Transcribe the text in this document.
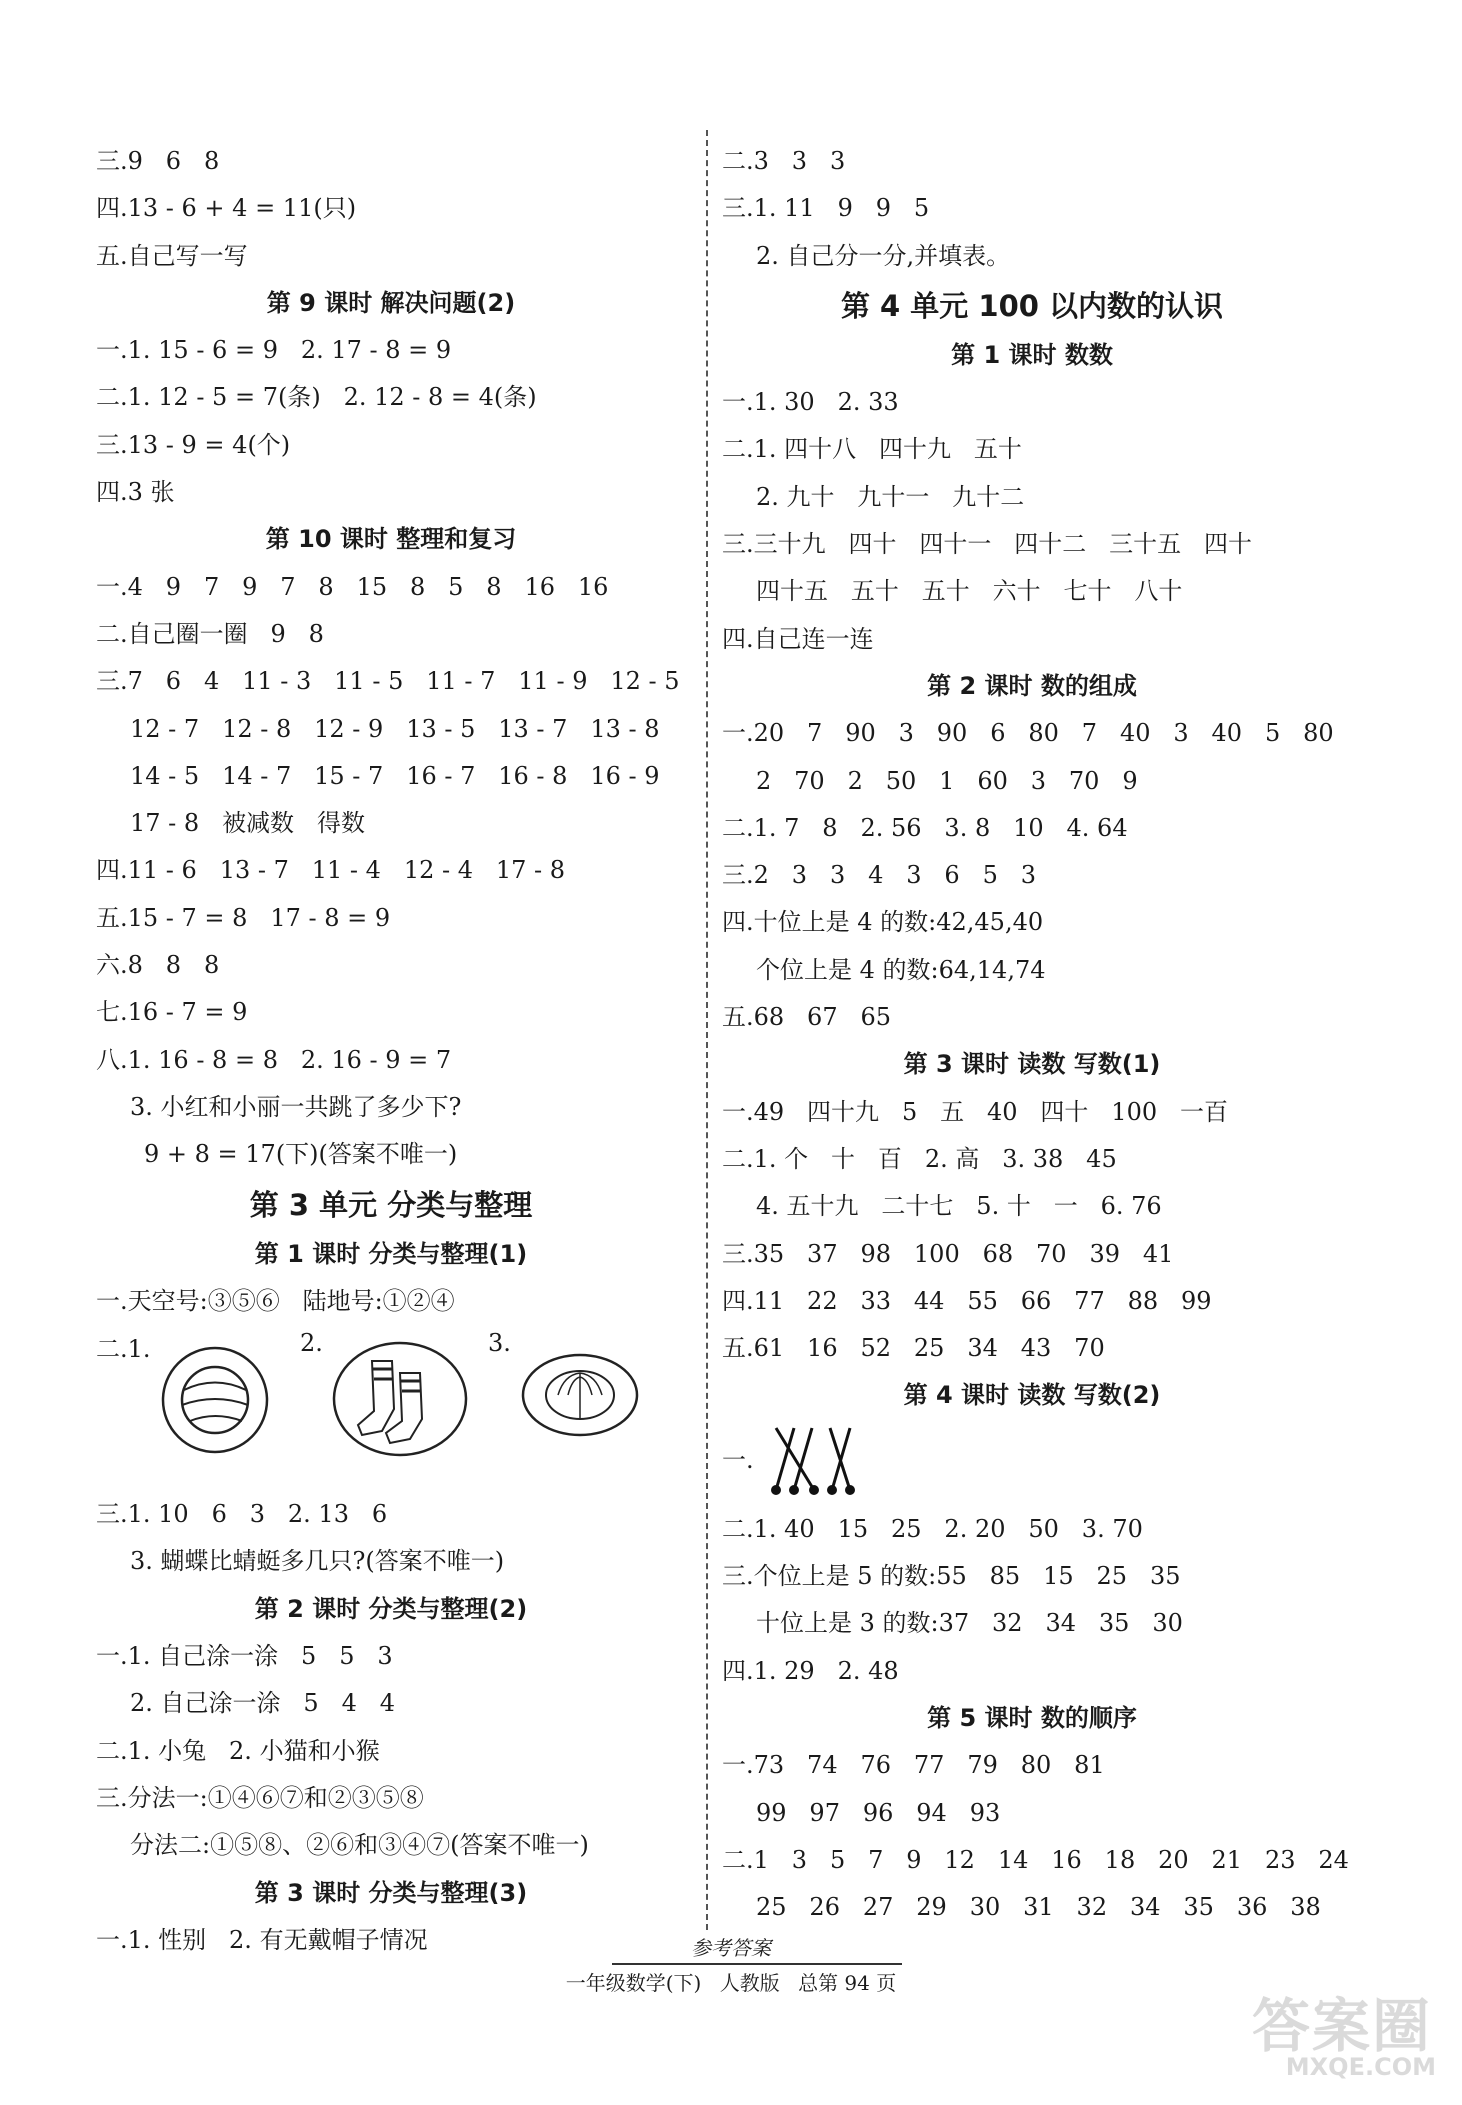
三.9   6   8
四.13 - 6 + 4 = 11(只)
五.自己写一写
第 9 课时 解决问题(2)
一.1. 15 - 6 = 9   2. 17 - 8 = 9
二.1. 12 - 5 = 7(条)   2. 12 - 8 = 4(条)
三.13 - 9 = 4(个)
四.3 张
第 10 课时 整理和复习
一.4   9   7   9   7   8   15   8   5   8   16   16
二.自己圈一圈   9   8
三.7   6   4   11 - 3   11 - 5   11 - 7   11 - 9   12 - 5
12 - 7   12 - 8   12 - 9   13 - 5   13 - 7   13 - 8
14 - 5   14 - 7   15 - 7   16 - 7   16 - 8   16 - 9
17 - 8   被减数   得数
四.11 - 6   13 - 7   11 - 4   12 - 4   17 - 8
五.15 - 7 = 8   17 - 8 = 9
六.8   8   8
七.16 - 7 = 9
八.1. 16 - 8 = 8   2. 16 - 9 = 7
3. 小红和小丽一共跳了多少下?
9 + 8 = 17(下)(答案不唯一)
第 3 单元 分类与整理
第 1 课时 分类与整理(1)
一.天空号:③⑤⑥   陆地号:①②④
二.1.	2.	3.
三.1. 10   6   3   2. 13   6
3. 蝴蝶比蜻蜓多几只?(答案不唯一)
第 2 课时 分类与整理(2)
一.1. 自己涂一涂   5   5   3
2. 自己涂一涂   5   4   4
二.1. 小兔   2. 小猫和小猴
三.分法一:①④⑥⑦和②③⑤⑧
分法二:①⑤⑧、②⑥和③④⑦(答案不唯一)
第 3 课时 分类与整理(3)
一.1. 性别   2. 有无戴帽子情况
二.3   3   3
三.1. 11   9   9   5
2. 自己分一分,并填表。
第 4 单元 100 以内数的认识
第 1 课时 数数
一.1. 30   2. 33
二.1. 四十八   四十九   五十
2. 九十   九十一   九十二
三.三十九   四十   四十一   四十二   三十五   四十
四十五   五十   五十   六十   七十   八十
四.自己连一连
第 2 课时 数的组成
一.20   7   90   3   90   6   80   7   40   3   40   5   80
2   70   2   50   1   60   3   70   9
二.1. 7   8   2. 56   3. 8   10   4. 64
三.2   3   3   4   3   6   5   3
四.十位上是 4 的数:42,45,40
个位上是 4 的数:64,14,74
五.68   67   65
第 3 课时 读数 写数(1)
一.49   四十九   5   五   40   四十   100   一百
二.1. 个   十   百   2. 高   3. 38   45
4. 五十九   二十七   5. 十   一   6. 76
三.35   37   98   100   68   70   39   41
四.11   22   33   44   55   66   77   88   99
五.61   16   52   25   34   43   70
第 4 课时 读数 写数(2)
一.
二.1. 40   15   25   2. 20   50   3. 70
三.个位上是 5 的数:55   85   15   25   35
十位上是 3 的数:37   32   34   35   30
四.1. 29   2. 48
第 5 课时 数的顺序
一.73   74   76   77   79   80   81
99   97   96   94   93
二.1   3   5   7   9   12   14   16   18   20   21   23   24
25   26   27   29   30   31   32   34   35   36   38
参考答案
一年级数学(下) 人教版 总第 94 页
答案圈
MXQE.COM
